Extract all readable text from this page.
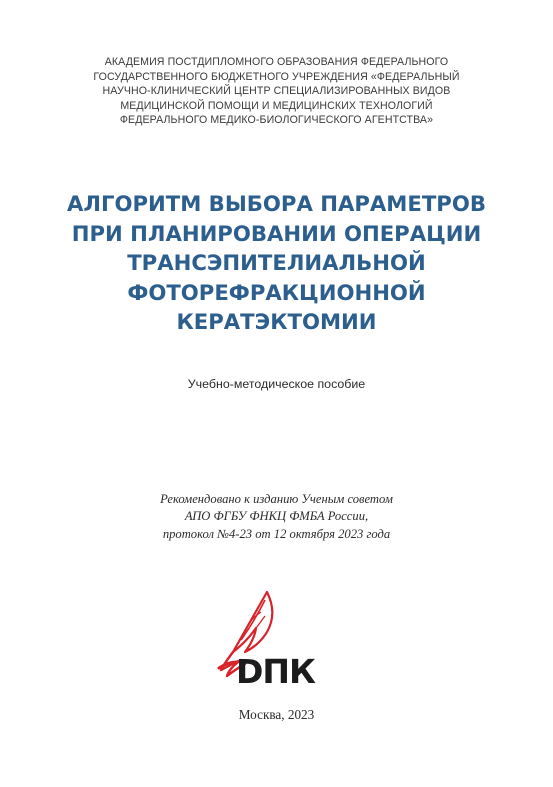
АКАДЕМИЯ ПОСТДИПЛОМНОГО ОБРАЗОВАНИЯ ФЕДЕРАЛЬНОГО
ГОСУДАРСТВЕННОГО БЮДЖЕТНОГО УЧРЕЖДЕНИЯ «ФЕДЕРАЛЬНЫЙ
НАУЧНО-КЛИНИЧЕСКИЙ ЦЕНТР СПЕЦИАЛИЗИРОВАННЫХ ВИДОВ
МЕДИЦИНСКОЙ ПОМОЩИ И МЕДИЦИНСКИХ ТЕХНОЛОГИЙ
ФЕДЕРАЛЬНОГО МЕДИКО-БИОЛОГИЧЕСКОГО АГЕНТСТВА»
АЛГОРИТМ ВЫБОРА ПАРАМЕТРОВ
ПРИ ПЛАНИРОВАНИИ ОПЕРАЦИИ
ТРАНСЭПИТЕЛИАЛЬНОЙ
ФОТОРЕФРАКЦИОННОЙ
КЕРАТЭКТОМИИ
Учебно-методическое пособие
Рекомендовано к изданию Ученым советом
АПО ФГБУ ФНКЦ ФМБА России,
протокол №4-23 от 12 октября 2023 года
DПК
Москва, 2023
